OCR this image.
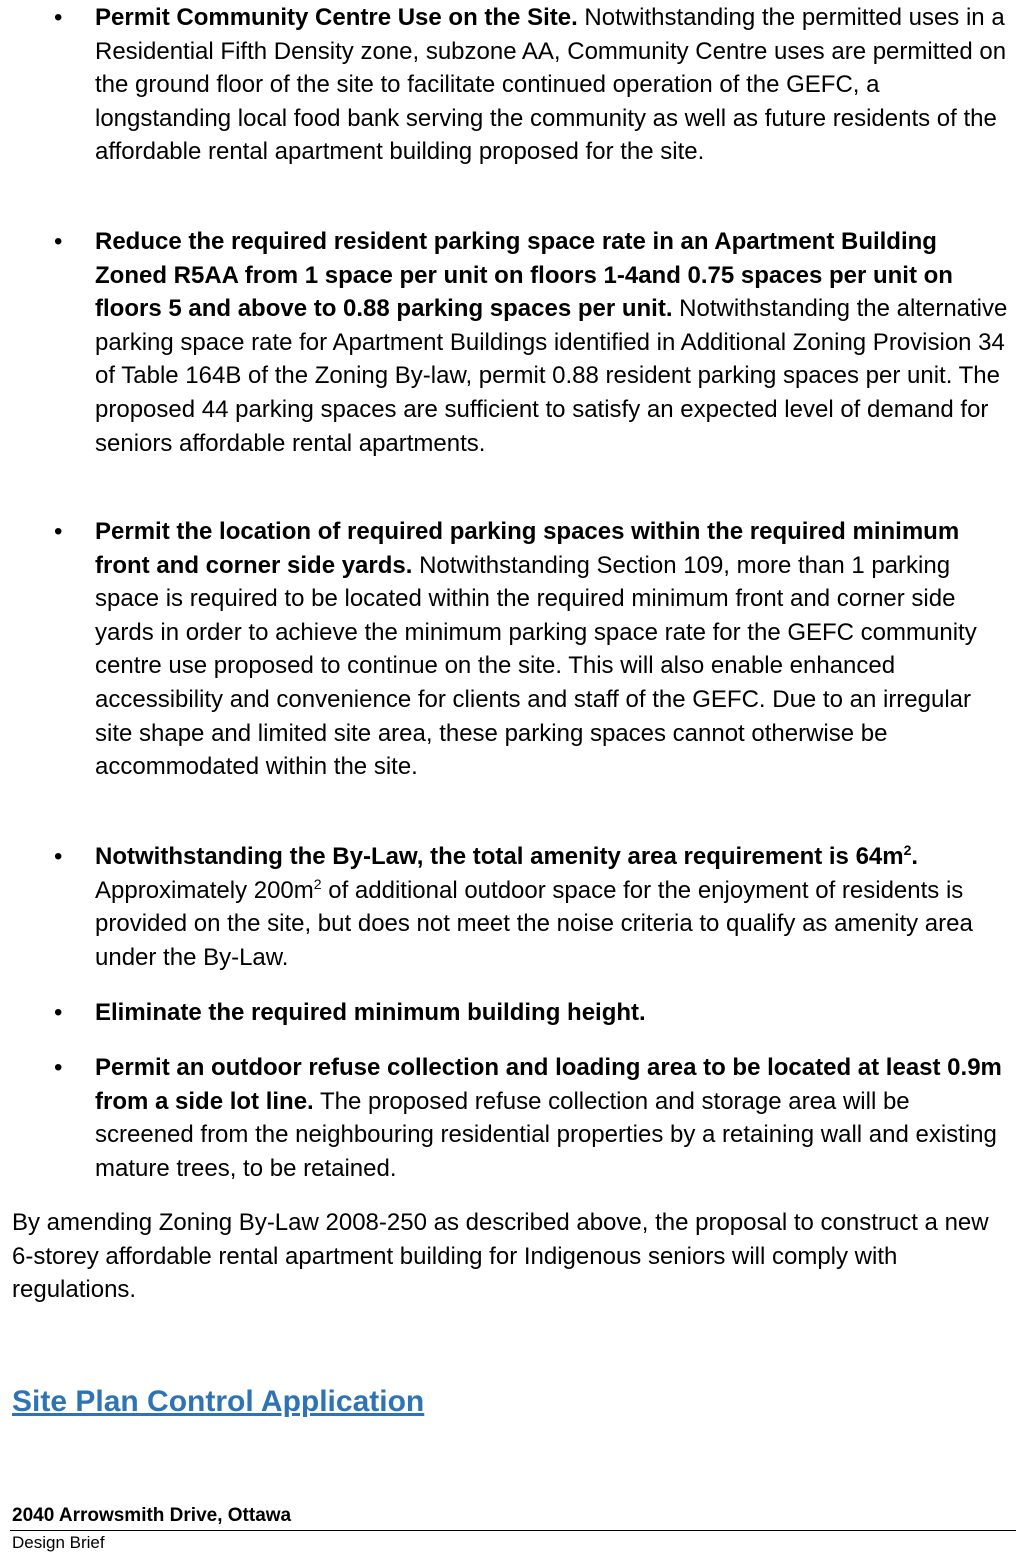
• Permit Community Centre Use on the Site. Notwithstanding the permitted uses in a Residential Fifth Density zone, subzone AA, Community Centre uses are permitted on the ground floor of the site to facilitate continued operation of the GEFC, a longstanding local food bank serving the community as well as future residents of the affordable rental apartment building proposed for the site.
• Reduce the required resident parking space rate in an Apartment Building Zoned R5AA from 1 space per unit on floors 1-4and 0.75 spaces per unit on floors 5 and above to 0.88 parking spaces per unit. Notwithstanding the alternative parking space rate for Apartment Buildings identified in Additional Zoning Provision 34 of Table 164B of the Zoning By-law, permit 0.88 resident parking spaces per unit. The proposed 44 parking spaces are sufficient to satisfy an expected level of demand for seniors affordable rental apartments.
• Permit the location of required parking spaces within the required minimum front and corner side yards. Notwithstanding Section 109, more than 1 parking space is required to be located within the required minimum front and corner side yards in order to achieve the minimum parking space rate for the GEFC community centre use proposed to continue on the site. This will also enable enhanced accessibility and convenience for clients and staff of the GEFC. Due to an irregular site shape and limited site area, these parking spaces cannot otherwise be accommodated within the site.
• Notwithstanding the By-Law, the total amenity area requirement is $64m^2$. Approximately $200m^2$ of additional outdoor space for the enjoyment of residents is provided on the site, but does not meet the noise criteria to qualify as amenity area under the By-Law.
• Eliminate the required minimum building height.
• Permit an outdoor refuse collection and loading area to be located at least 0.9m from a side lot line. The proposed refuse collection and storage area will be screened from the neighbouring residential properties by a retaining wall and existing mature trees, to be retained.

By amending Zoning By-Law 2008-250 as described above, the proposal to construct a new 6-storey affordable rental apartment building for Indigenous seniors will comply with regulations.

Site Plan Control Application
2040 Arrowsmith Drive, Ottawa
Design Brief
